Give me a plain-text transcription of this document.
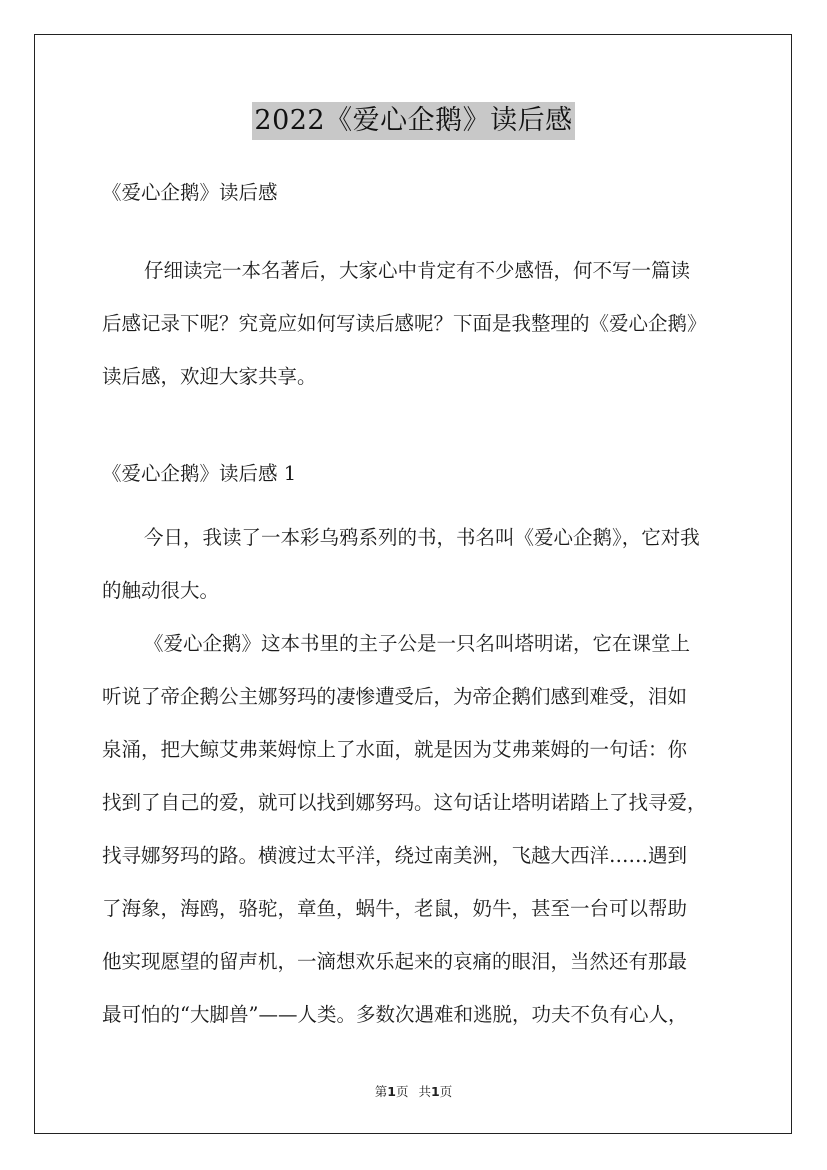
2022《爱心企鹅》读后感
《爱心企鹅》读后感
仔细读完一本名著后，大家心中肯定有不少感悟，何不写一篇读
后感记录下呢？究竟应如何写读后感呢？下面是我整理的《爱心企鹅》
读后感，欢迎大家共享。
《爱心企鹅》读后感 1
今日，我读了一本彩乌鸦系列的书，书名叫《爱心企鹅》，它对我
的触动很大。
《爱心企鹅》这本书里的主子公是一只名叫塔明诺，它在课堂上
听说了帝企鹅公主娜努玛的凄惨遭受后，为帝企鹅们感到难受，泪如
泉涌，把大鲸艾弗莱姆惊上了水面，就是因为艾弗莱姆的一句话：你
找到了自己的爱，就可以找到娜努玛。这句话让塔明诺踏上了找寻爱，
找寻娜努玛的路。横渡过太平洋，绕过南美洲，飞越大西洋……遇到
了海象，海鸥，骆驼，章鱼，蜗牛，老鼠，奶牛，甚至一台可以帮助
他实现愿望的留声机，一滴想欢乐起来的哀痛的眼泪，当然还有那最
最可怕的“大脚兽”——人类。多数次遇难和逃脱，功夫不负有心人，
第1页 共1页
